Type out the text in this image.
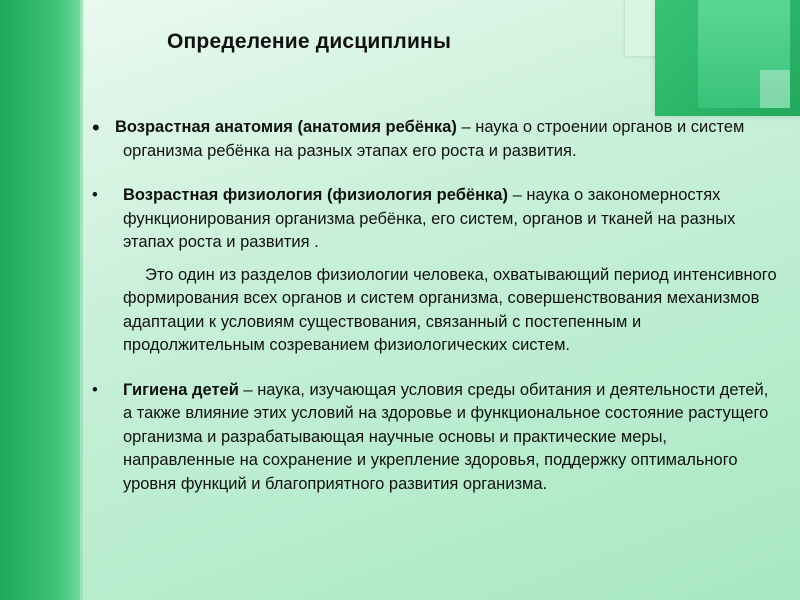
Определение дисциплины
• Возрастная анатомия (анатомия ребёнка) – наука о строении органов и систем организма ребёнка на разных этапах его роста и развития.
•	Возрастная физиология (физиология ребёнка) – наука о закономерностях функционирования организма ребёнка, его систем, органов и тканей на разных этапах роста и развития .
Это один из разделов физиологии человека, охватывающий период интенсивного формирования всех органов и систем организма, совершенствования механизмов адаптации к условиям существования, связанный с постепенным и продолжительным созреванием физиологических систем.
•	Гигиена детей – наука, изучающая условия среды обитания и деятельности детей, а также влияние этих условий на здоровье и функциональное состояние растущего организма и разрабатывающая научные основы и практические меры, направленные на сохранение и укрепление здоровья, поддержку оптимального уровня функций и благоприятного развития организма.
